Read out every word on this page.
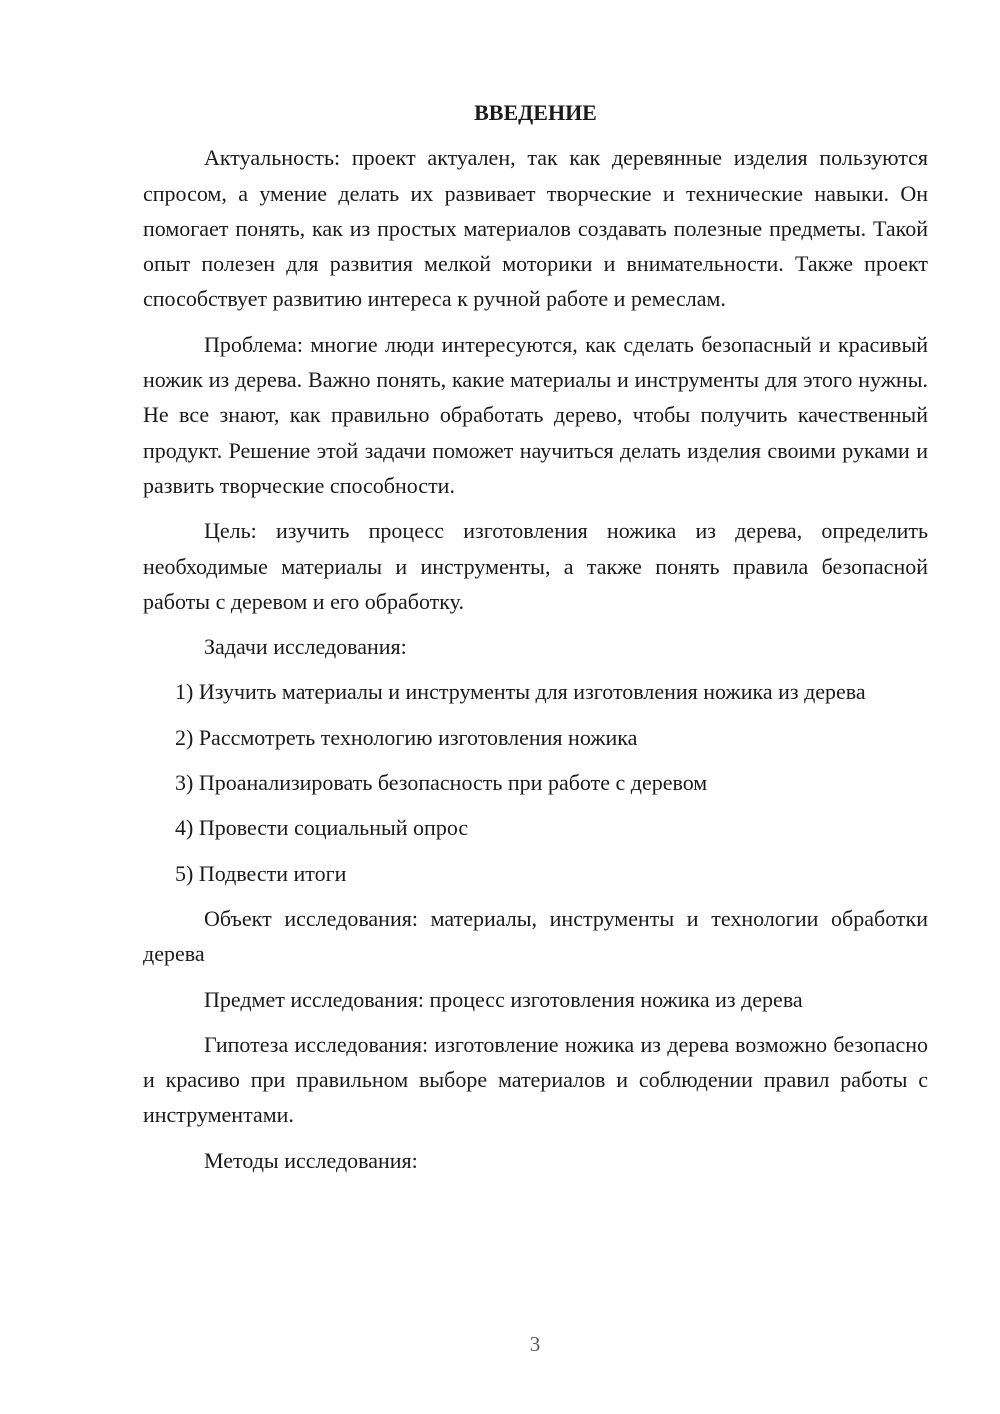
ВВЕДЕНИЕ

Актуальность: проект актуален, так как деревянные изделия пользуются спросом, а умение делать их развивает творческие и технические навыки. Он помогает понять, как из простых материалов создавать полезные предметы. Такой опыт полезен для развития мелкой моторики и внимательности. Также проект способствует развитию интереса к ручной работе и ремеслам.

Проблема: многие люди интересуются, как сделать безопасный и красивый ножик из дерева. Важно понять, какие материалы и инструменты для этого нужны. Не все знают, как правильно обработать дерево, чтобы получить качественный продукт. Решение этой задачи поможет научиться делать изделия своими руками и развить творческие способности.

Цель: изучить процесс изготовления ножика из дерева, определить необходимые материалы и инструменты, а также понять правила безопасной работы с деревом и его обработку.

Задачи исследования:

1) Изучить материалы и инструменты для изготовления ножика из дерева
2) Рассмотреть технологию изготовления ножика
3) Проанализировать безопасность при работе с деревом
4) Провести социальный опрос
5) Подвести итоги

Объект исследования: материалы, инструменты и технологии обработки дерева

Предмет исследования: процесс изготовления ножика из дерева

Гипотеза исследования: изготовление ножика из дерева возможно безопасно и красиво при правильном выборе материалов и соблюдении правил работы с инструментами.

Методы исследования:

3
